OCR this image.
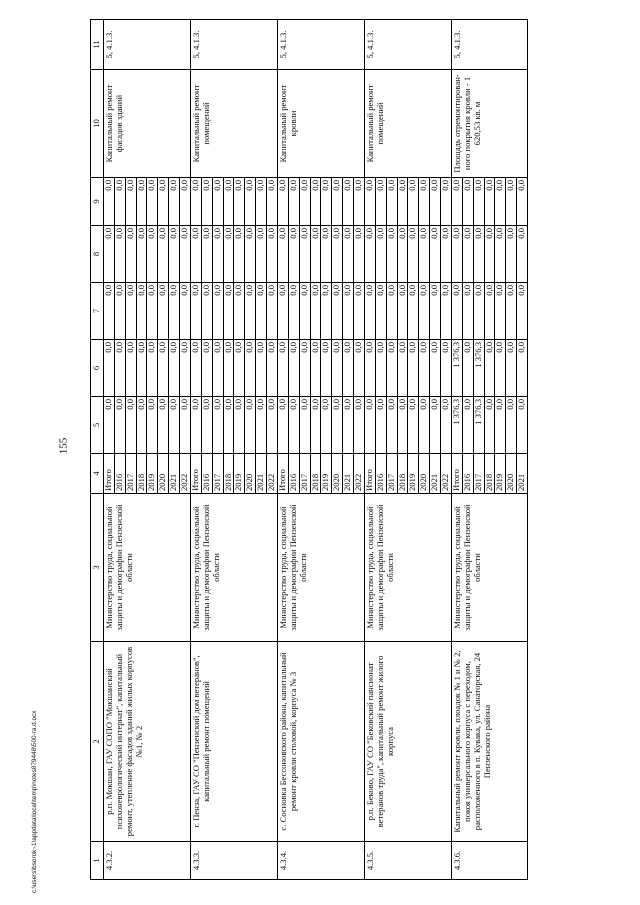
155
c:\users\bsorok~1\appdata\local\temp\notes879448\500-ra.d.ocx	1	2	3	4	5	6	7	8	9	10	11
4.3.2.	р.п. Мокшан, ГАУ СОПО "Мокшанский психоневрологический интернат", капитальный ремонт, утепление фасадов зданий жилых корпусов №1, № 2	Министерство труда, социальной защиты и демографии Пензенской области	Итого	0,0	0,0	0,0	0,0	0,0	Капитальный ремонт фасадов зданий	5, 4.1.3.
			2016	0,0	0,0	0,0	0,0	0,0		
			2017	0,0	0,0	0,0	0,0	0,0		
			2018	0,0	0,0	0,0	0,0	0,0		
			2019	0,0	0,0	0,0	0,0	0,0		
			2020	0,0	0,0	0,0	0,0	0,0		
			2021	0,0	0,0	0,0	0,0	0,0		
			2022	0,0	0,0	0,0	0,0	0,0		
4.3.3.	г. Пенза, ГАУ СО "Пензенский дом ветеранов", капитальный ремонт помещений	Министерство труда, социальной защиты и демографии Пензенской области	Итого	0,0	0,0	0,0	0,0	0,0	Капитальный ремонт помещений	5, 4.1.3.
			2016	0,0	0,0	0,0	0,0	0,0		
			2017	0,0	0,0	0,0	0,0	0,0		
			2018	0,0	0,0	0,0	0,0	0,0		
			2019	0,0	0,0	0,0	0,0	0,0		
			2020	0,0	0,0	0,0	0,0	0,0		
			2021	0,0	0,0	0,0	0,0	0,0		
			2022	0,0	0,0	0,0	0,0	0,0		
4.3.4.	с. Сосновка Бессоновского района, капитальный ремонт кровли столовой, корпуса № 3	Министерство труда, социальной защиты и демографии Пензенской области	Итого	0,0	0,0	0,0	0,0	0,0	Капитальный ремонт кровли	5, 4.1.3.
			2016	0,0	0,0	0,0	0,0	0,0		
			2017	0,0	0,0	0,0	0,0	0,0		
			2018	0,0	0,0	0,0	0,0	0,0		
			2019	0,0	0,0	0,0	0,0	0,0		
			2020	0,0	0,0	0,0	0,0	0,0		
			2021	0,0	0,0	0,0	0,0	0,0		
			2022	0,0	0,0	0,0	0,0	0,0		
4.3.5.	р.п. Беково, ГАУ СО "Бековский пансионат ветеранов труда", капитальный ремонт жилого корпуса	Министерство труда, социальной защиты и демографии Пензенской области	Итого	0,0	0,0	0,0	0,0	0,0	Капитальный ремонт помещений	5, 4.1.3.
			2016	0,0	0,0	0,0	0,0	0,0		
			2017	0,0	0,0	0,0	0,0	0,0		
			2018	0,0	0,0	0,0	0,0	0,0		
			2019	0,0	0,0	0,0	0,0	0,0		
			2020	0,0	0,0	0,0	0,0	0,0		
			2021	0,0	0,0	0,0	0,0	0,0		
			2022	0,0	0,0	0,0	0,0	0,0		
4.3.6.	Капитальный ремонт кровли, плоадок № 1 и № 2, покоя универсального корпуса с переходом, расположенного в п. Кувака, ул. Санаторская, 24 Пензенского района	Министерство труда, социальной защиты и демографии Пензенской области	Итого	1 376,3	1 376,3	0,0	0,0	0,0	Площадь отремонтирован-ного покрытия кровли - 1 620,53 кв. м	5, 4.1.3.
			2016	0,0	0,0	0,0	0,0	0,0		
			2017	1 376,3	1 376,3	0,0	0,0	0,0		
			2018	0,0	0,0	0,0	0,0	0,0		
			2019	0,0	0,0	0,0	0,0	0,0		
			2020	0,0	0,0	0,0	0,0	0,0		
			2021	0,0	0,0	0,0	0,0	0,0		
